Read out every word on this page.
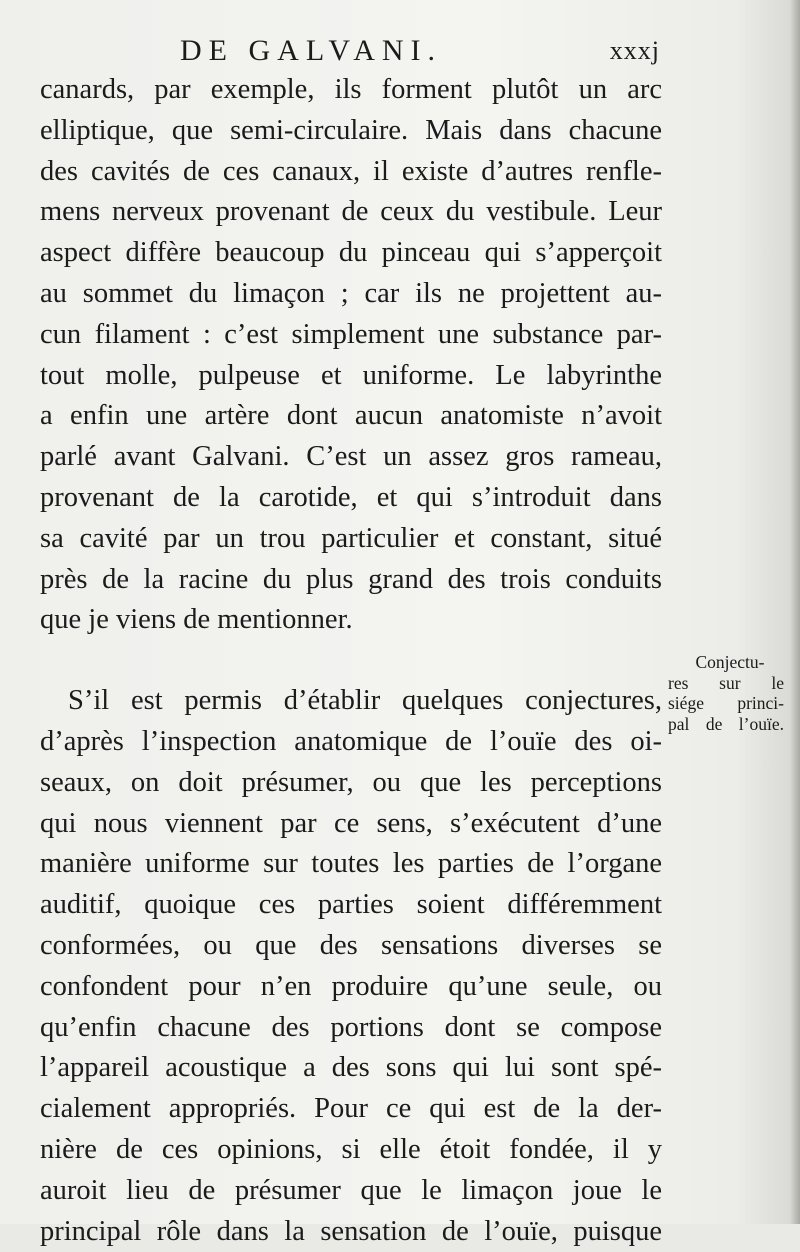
DE GALVANI.	xxxj
canards, par exemple, ils forment plutôt un arc
elliptique, que semi-circulaire. Mais dans chacune
des cavités de ces canaux, il existe d’autres renfle-
mens nerveux provenant de ceux du vestibule. Leur
aspect diffère beaucoup du pinceau qui s’apperçoit
au sommet du limaçon ; car ils ne projettent au-
cun filament : c’est simplement une substance par-
tout molle, pulpeuse et uniforme. Le labyrinthe
a enfin une artère dont aucun anatomiste n’avoit
parlé avant Galvani. C’est un assez gros rameau,
provenant de la carotide, et qui s’introduit dans
sa cavité par un trou particulier et constant, situé
près de la racine du plus grand des trois conduits
que je viens de mentionner.
S’il est permis d’établir quelques conjectures,
d’après l’inspection anatomique de l’ouïe des oi-
seaux, on doit présumer, ou que les perceptions
qui nous viennent par ce sens, s’exécutent d’une
manière uniforme sur toutes les parties de l’organe
auditif, quoique ces parties soient différemment
conformées, ou que des sensations diverses se
confondent pour n’en produire qu’une seule, ou
qu’enfin chacune des portions dont se compose
l’appareil acoustique a des sons qui lui sont spé-
cialement appropriés. Pour ce qui est de la der-
nière de ces opinions, si elle étoit fondée, il y
auroit lieu de présumer que le limaçon joue le
principal rôle dans la sensation de l’ouïe, puisque
Conjectu-
res sur le
siége princi-
pal de l’ouïe.
